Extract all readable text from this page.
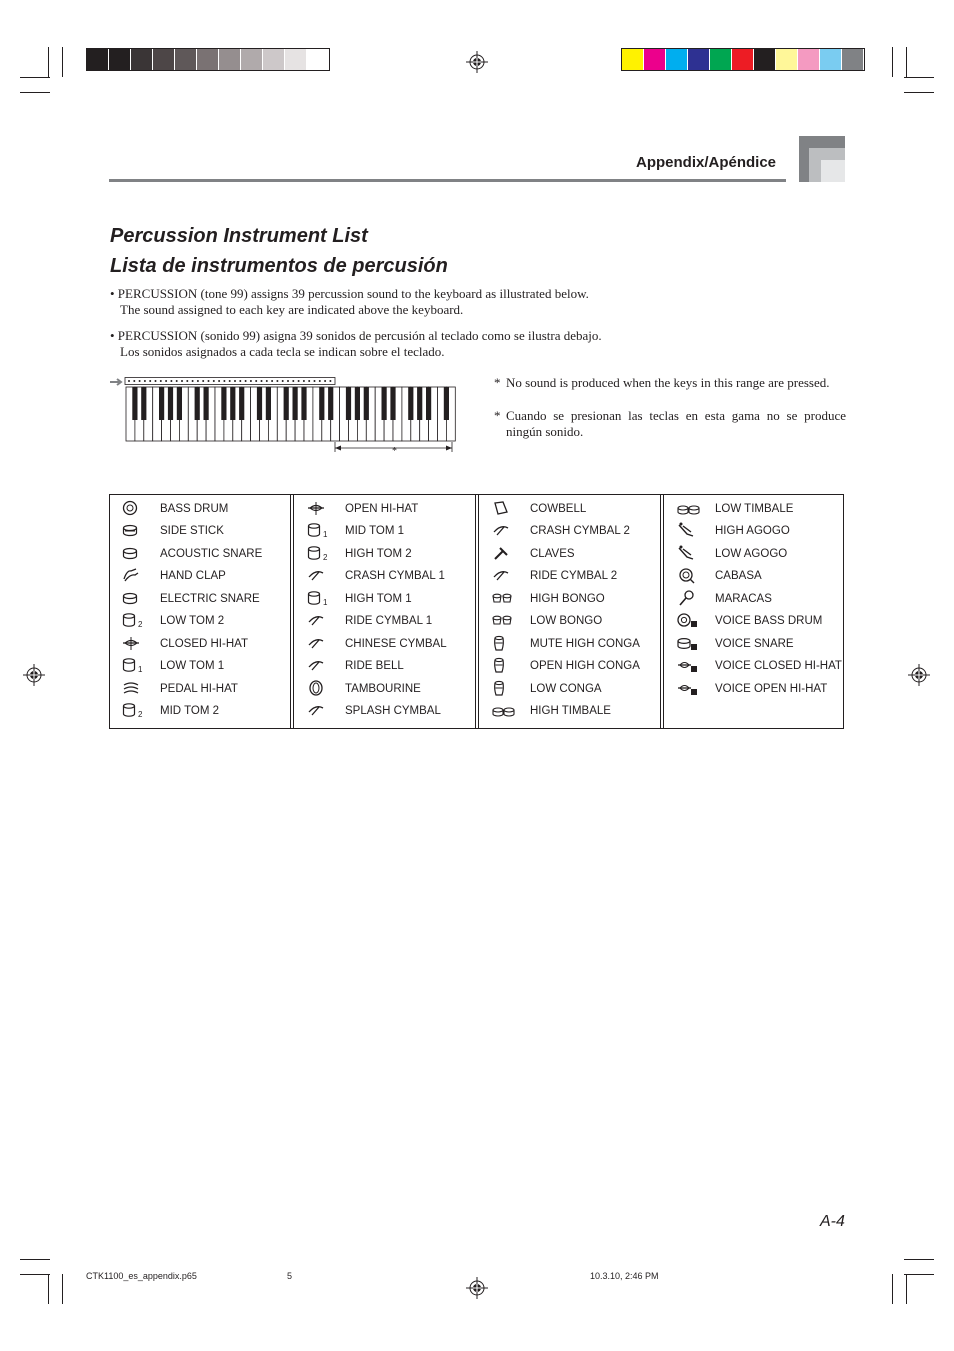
Appendix/Apéndice
Percussion Instrument List
Lista de instrumentos de percusión
• PERCUSSION (tone 99) assigns 39 percussion sound to the keyboard as illustrated below.
The sound assigned to each key are indicated above the keyboard.
• PERCUSSION (sonido 99) asigna 39 sonidos de percusión al teclado como se ilustra debajo.
Los sonidos asignados a cada tecla se indican sobre el teclado.
*
* No sound is produced when the keys in this range are pressed.
* Cuando se presionan las teclas en esta gama no se produce ningún sonido.
BASS DRUM
SIDE STICK
ACOUSTIC SNARE
HAND CLAP
ELECTRIC SNARE
2 LOW TOM 2
CLOSED HI-HAT
1 LOW TOM 1
PEDAL HI-HAT
2 MID TOM 2
OPEN HI-HAT
1 MID TOM 1
2 HIGH TOM 2
CRASH CYMBAL 1
1 HIGH TOM 1
RIDE CYMBAL 1
CHINESE CYMBAL
RIDE BELL
TAMBOURINE
SPLASH CYMBAL
COWBELL
CRASH CYMBAL 2
CLAVES
RIDE CYMBAL 2
HIGH BONGO
LOW BONGO
MUTE HIGH CONGA
OPEN HIGH CONGA
LOW CONGA
HIGH TIMBALE
LOW TIMBALE
HIGH AGOGO
LOW AGOGO
CABASA
MARACAS
VOICE BASS DRUM
VOICE SNARE
VOICE CLOSED HI-HAT
VOICE OPEN HI-HAT
A-4
CTK1100_es_appendix.p65	5	10.3.10, 2:46 PM
